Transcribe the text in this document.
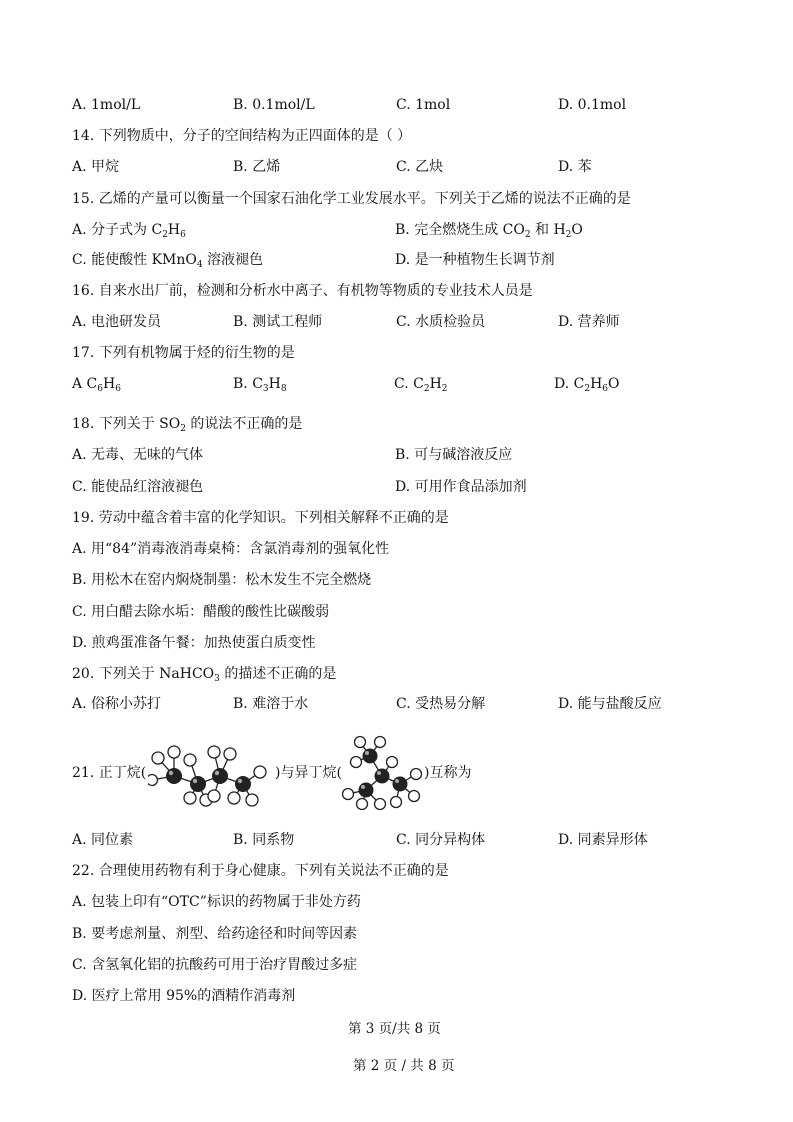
A. 1mol/L	B. 0.1mol/L	C. 1mol	D. 0.1mol
14. 下列物质中，分子的空间结构为正四面体的是（ ）
A. 甲烷	B. 乙烯	C. 乙炔	D. 苯
15. 乙烯的产量可以衡量一个国家石油化学工业发展水平。下列关于乙烯的说法不正确的是
A. 分子式为 $C_2H_6$	B. 完全燃烧生成 $CO_2$ 和 $H_2O$
C. 能使酸性 KMnO$_4$ 溶液褪色	D. 是一种植物生长调节剂
16. 自来水出厂前，检测和分析水中离子、有机物等物质的专业技术人员是
A. 电池研发员	B. 测试工程师	C. 水质检验员	D. 营养师
17. 下列有机物属于烃的衍生物的是
A $C_6H_6$	B. $C_3H_8$	C. $C_2H_2$	D. $C_2H_6O$
18. 下列关于 $SO_2$ 的说法不正确的是
A. 无毒、无味的气体	B. 可与碱溶液反应
C. 能使品红溶液褪色	D. 可用作食品添加剂
19. 劳动中蕴含着丰富的化学知识。下列相关解释不正确的是
A. 用“84”消毒液消毒桌椅：含氯消毒剂的强氧化性
B. 用松木在窑内焖烧制墨：松木发生不完全燃烧
C. 用白醋去除水垢：醋酸的酸性比碳酸弱
D. 煎鸡蛋准备午餐：加热使蛋白质变性
20. 下列关于 NaHCO$_3$ 的描述不正确的是
A. 俗称小苏打	B. 难溶于水	C. 受热易分解	D. 能与盐酸反应
21. 正丁烷(	)与异丁烷(	)互称为
A. 同位素	B. 同系物	C. 同分异构体	D. 同素异形体
22. 合理使用药物有利于身心健康。下列有关说法不正确的是
A. 包装上印有“OTC”标识的药物属于非处方药
B. 要考虑剂量、剂型、给药途径和时间等因素
C. 含氢氧化铝的抗酸药可用于治疗胃酸过多症
D. 医疗上常用 95%的酒精作消毒剂
第 3 页/共 8 页
第 2 页 / 共 8 页
